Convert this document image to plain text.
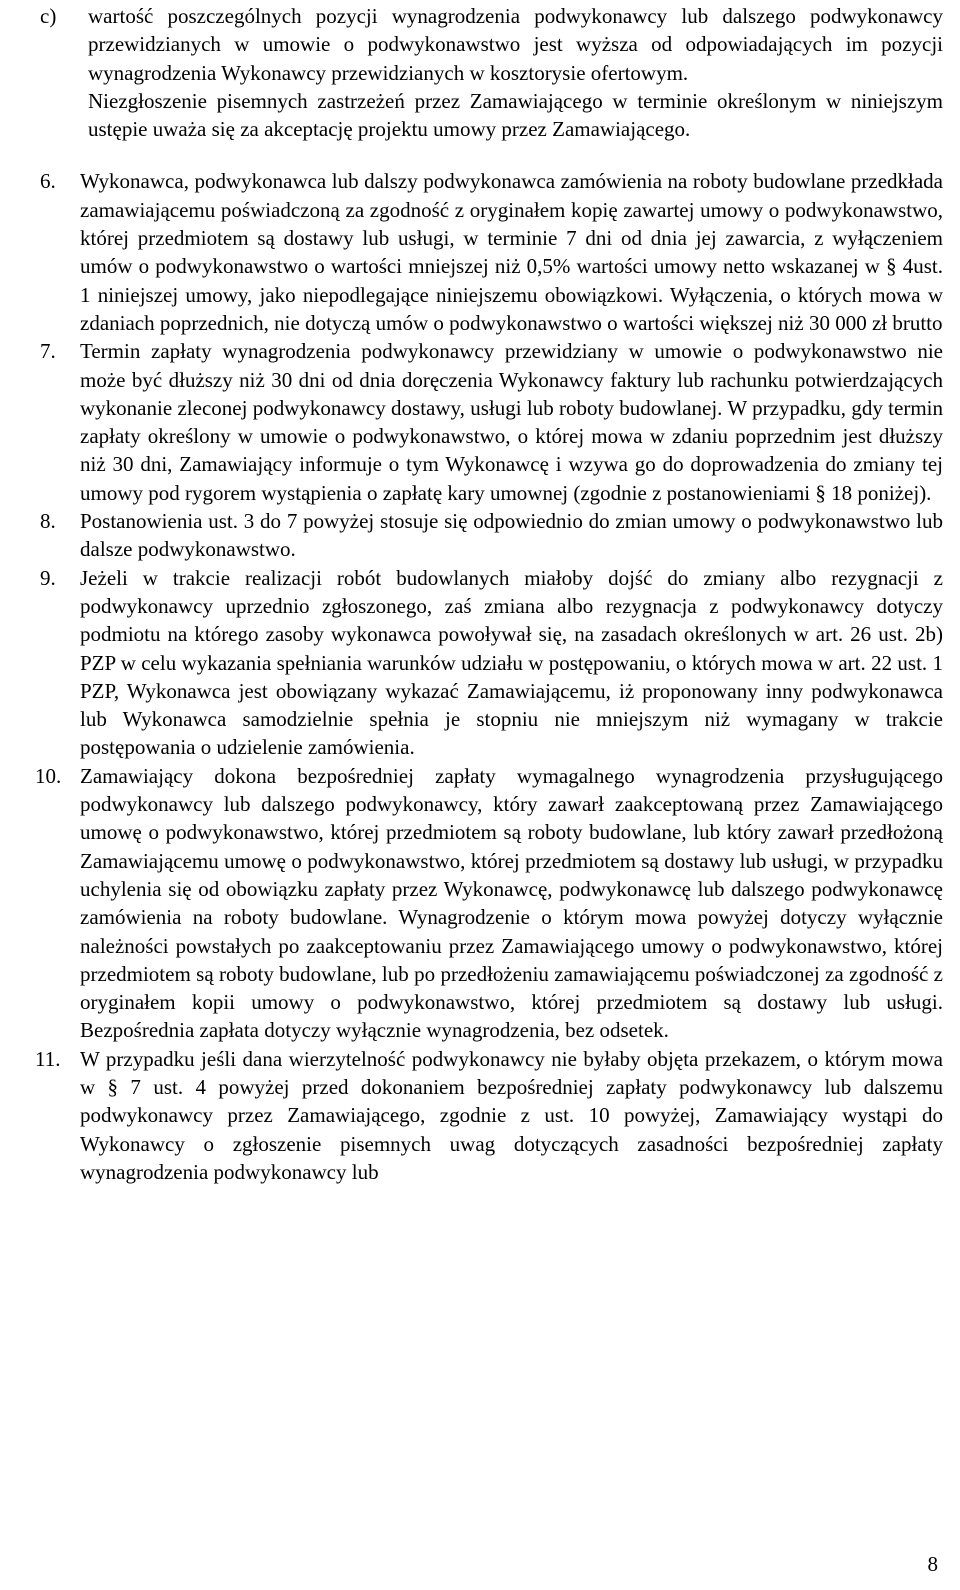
c)	wartość poszczególnych pozycji wynagrodzenia podwykonawcy lub dalszego podwykonawcy przewidzianych w umowie o podwykonawstwo jest wyższa od odpowiadających im pozycji wynagrodzenia Wykonawcy przewidzianych w kosztorysie ofertowym.
Niezgłoszenie pisemnych zastrzeżeń przez Zamawiającego w terminie określonym w niniejszym ustępie uważa się za akceptację projektu umowy przez Zamawiającego.
6.	Wykonawca, podwykonawca lub dalszy podwykonawca zamówienia na roboty budowlane przedkłada zamawiającemu poświadczoną za zgodność z oryginałem kopię zawartej umowy o podwykonawstwo, której przedmiotem są dostawy lub usługi, w terminie 7 dni od dnia jej zawarcia, z wyłączeniem umów o podwykonawstwo o wartości mniejszej niż 0,5% wartości umowy netto wskazanej w § 4ust. 1 niniejszej umowy, jako niepodlegające niniejszemu obowiązkowi. Wyłączenia, o których mowa w zdaniach poprzednich, nie dotyczą umów o podwykonawstwo o wartości większej niż 30 000 zł brutto
7.	Termin zapłaty wynagrodzenia podwykonawcy przewidziany w umowie o podwykonawstwo nie może być dłuższy niż 30 dni od dnia doręczenia Wykonawcy faktury lub rachunku potwierdzających wykonanie zleconej podwykonawcy dostawy, usługi lub roboty budowlanej. W przypadku, gdy termin zapłaty określony w umowie o podwykonawstwo, o której mowa w zdaniu poprzednim jest dłuższy niż 30 dni, Zamawiający informuje o tym Wykonawcę i wzywa go do doprowadzenia do zmiany tej umowy pod rygorem wystąpienia o zapłatę kary umownej (zgodnie z postanowieniami § 18 poniżej).
8.	Postanowienia ust. 3 do 7 powyżej stosuje się odpowiednio do zmian umowy o podwykonawstwo lub dalsze podwykonawstwo.
9.	Jeżeli w trakcie realizacji robót budowlanych miałoby dojść do zmiany albo rezygnacji z podwykonawcy uprzednio zgłoszonego, zaś zmiana albo rezygnacja z podwykonawcy dotyczy podmiotu na którego zasoby wykonawca powoływał się, na zasadach określonych w art. 26 ust. 2b) PZP w celu wykazania spełniania warunków udziału w postępowaniu, o których mowa w art. 22 ust. 1 PZP, Wykonawca jest obowiązany wykazać Zamawiającemu, iż proponowany inny podwykonawca lub Wykonawca samodzielnie spełnia je stopniu nie mniejszym niż wymagany w trakcie postępowania o udzielenie zamówienia.
10. Zamawiający dokona bezpośredniej zapłaty wymagalnego wynagrodzenia przysługującego podwykonawcy lub dalszego podwykonawcy, który zawarł zaakceptowaną przez Zamawiającego umowę o podwykonawstwo, której przedmiotem są roboty budowlane, lub który zawarł przedłożoną Zamawiającemu umowę o podwykonawstwo, której przedmiotem są dostawy lub usługi, w przypadku uchylenia się od obowiązku zapłaty przez Wykonawcę, podwykonawcę lub dalszego podwykonawcę zamówienia na roboty budowlane. Wynagrodzenie o którym mowa powyżej dotyczy wyłącznie należności powstałych po zaakceptowaniu przez Zamawiającego umowy o podwykonawstwo, której przedmiotem są roboty budowlane, lub po przedłożeniu zamawiającemu poświadczonej za zgodność z oryginałem kopii umowy o podwykonawstwo, której przedmiotem są dostawy lub usługi. Bezpośrednia zapłata dotyczy wyłącznie wynagrodzenia, bez odsetek.
11. W przypadku jeśli dana wierzytelność podwykonawcy nie byłaby objęta przekazem, o którym mowa w § 7 ust. 4 powyżej przed dokonaniem bezpośredniej zapłaty podwykonawcy lub dalszemu podwykonawcy przez Zamawiającego, zgodnie z ust. 10 powyżej, Zamawiający wystąpi do Wykonawcy o zgłoszenie pisemnych uwag dotyczących zasadności bezpośredniej zapłaty wynagrodzenia podwykonawcy lub
8
